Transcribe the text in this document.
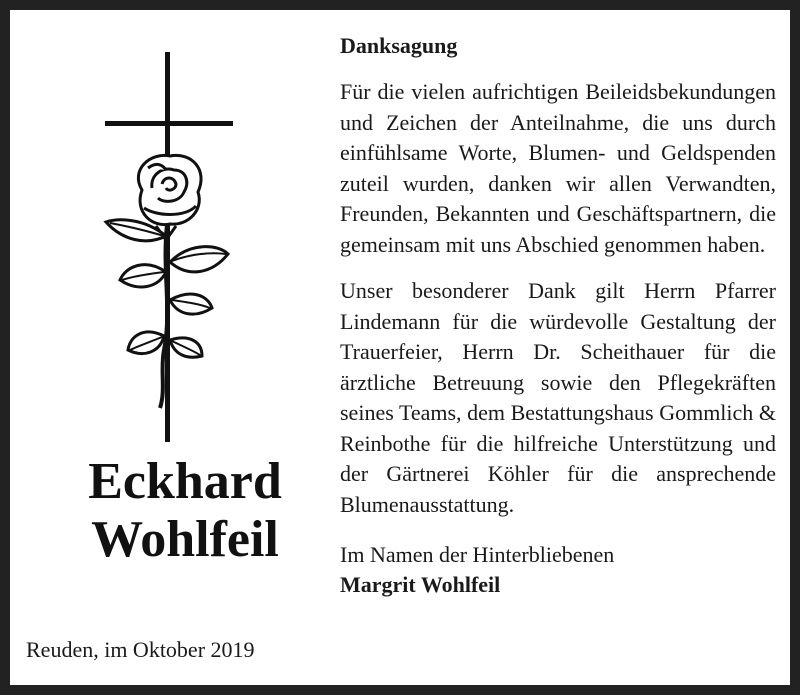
Eckhard
Wohlfeil
Reuden, im Oktober 2019
Danksagung

Für die vielen aufrichtigen Beileidsbekundungen und Zeichen der Anteilnahme, die uns durch einfühlsame Worte, Blumen- und Geldspenden zuteil wurden, danken wir allen Verwandten, Freunden, Bekannten und Geschäftspartnern, die gemeinsam mit uns Abschied genommen haben.

Unser besonderer Dank gilt Herrn Pfarrer Lindemann für die würdevolle Gestaltung der Trauerfeier, Herrn Dr. Scheithauer für die ärztliche Betreuung sowie den Pflegekräften seines Teams, dem Bestattungshaus Gommlich & Reinbothe für die hilfreiche Unterstützung und der Gärtnerei Köhler für die ansprechende Blumenausstattung.

Im Namen der Hinterbliebenen
Margrit Wohlfeil
